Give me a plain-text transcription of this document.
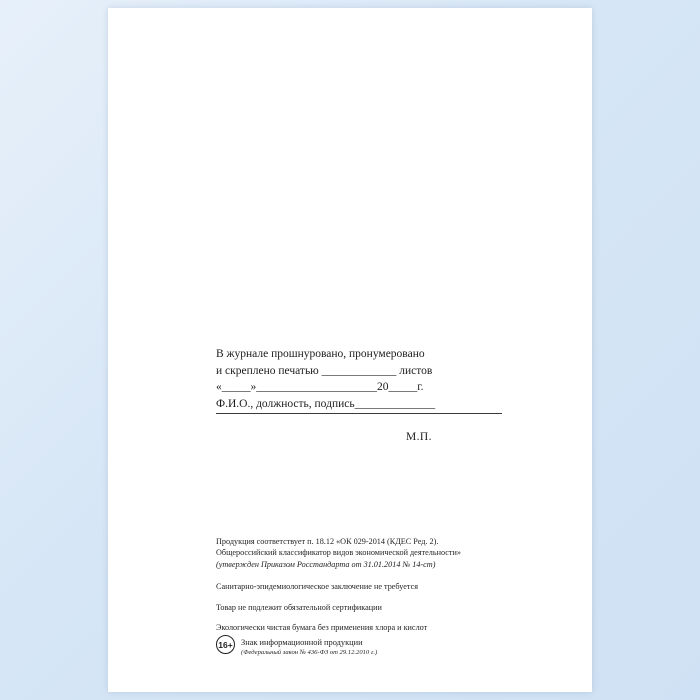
В журнале прошнуровано, пронумеровано
и скреплено печатью _____________ листов
«_____»_____________________20_____г.
Ф.И.О., должность, подпись______________
М.П.

Продукция соответствует п. 18.12 «ОК 029-2014 (КДЕС Ред. 2).

Общероссийский классификатор видов экономической деятельности»

(утвержден Приказом Росстандарта от 31.01.2014 № 14-ст)

Санитарно-эпидемиологическое заключение не требуется

Товар не подлежит обязательной сертификации

Экологически чистая бумага без применения хлора и кислот

16+ Знак информационной продукции

(Федеральный закон № 436-ФЗ от 29.12.2010 г.)
